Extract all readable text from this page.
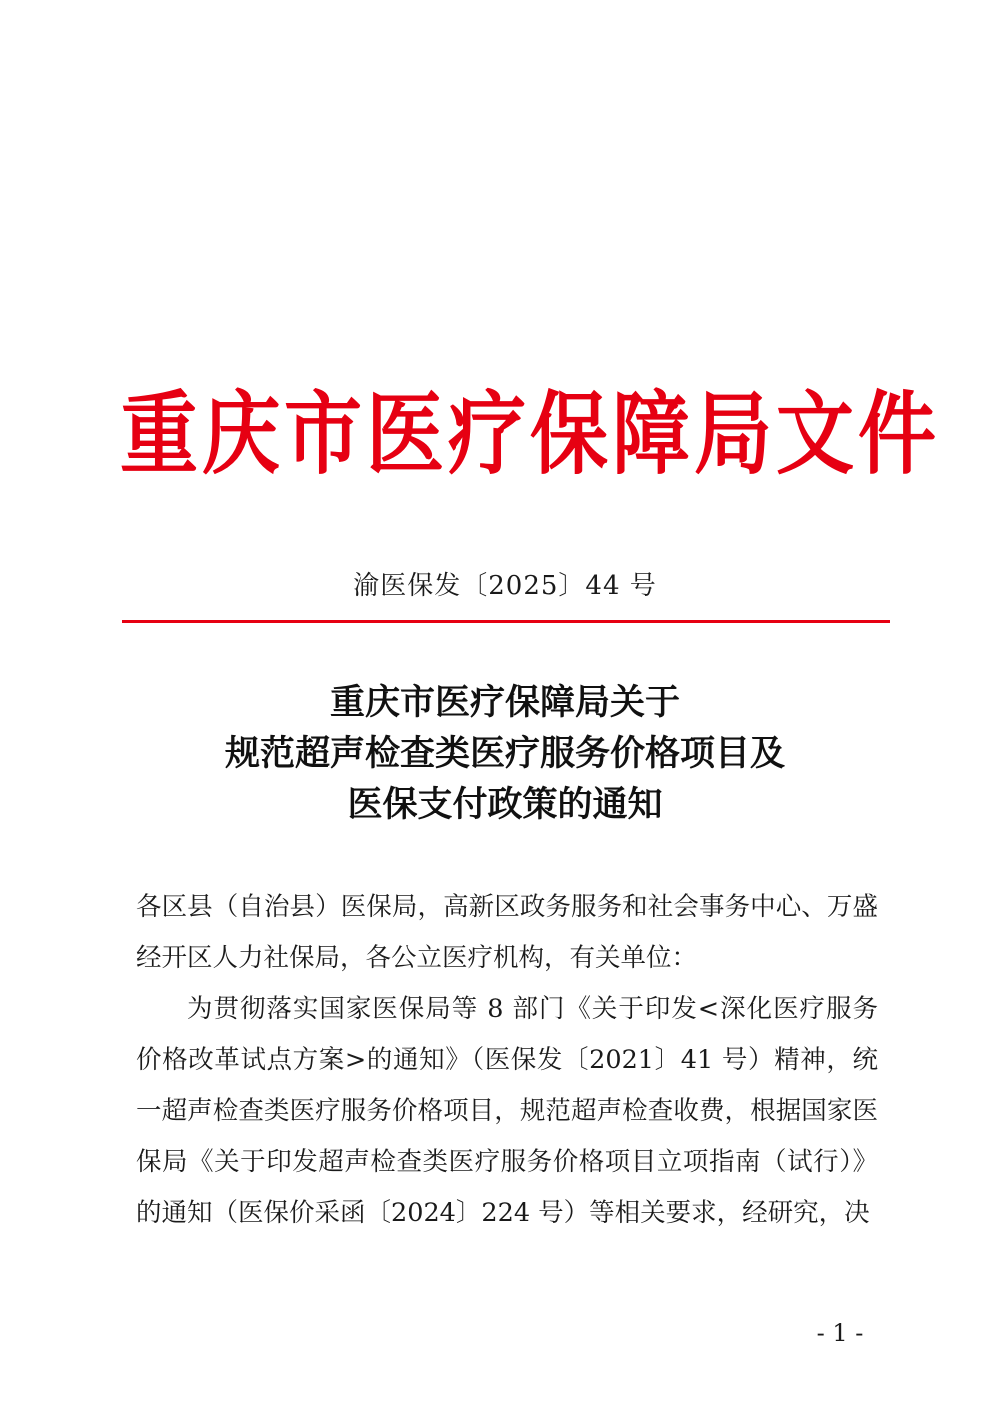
重庆市医疗保障局文件
渝医保发〔2025〕44 号
重庆市医疗保障局关于
规范超声检查类医疗服务价格项目及
医保支付政策的通知

各区县（自治县）医保局，高新区政务服务和社会事务中心、万盛经开区人力社保局，各公立医疗机构，有关单位：

为贯彻落实国家医保局等 8 部门《关于印发<深化医疗服务价格改革试点方案>的通知》（医保发〔2021〕41 号）精神，统一超声检查类医疗服务价格项目，规范超声检查收费，根据国家医保局《关于印发超声检查类医疗服务价格项目立项指南（试行）》的通知（医保价采函〔2024〕224 号）等相关要求，经研究，决

- 1 -
